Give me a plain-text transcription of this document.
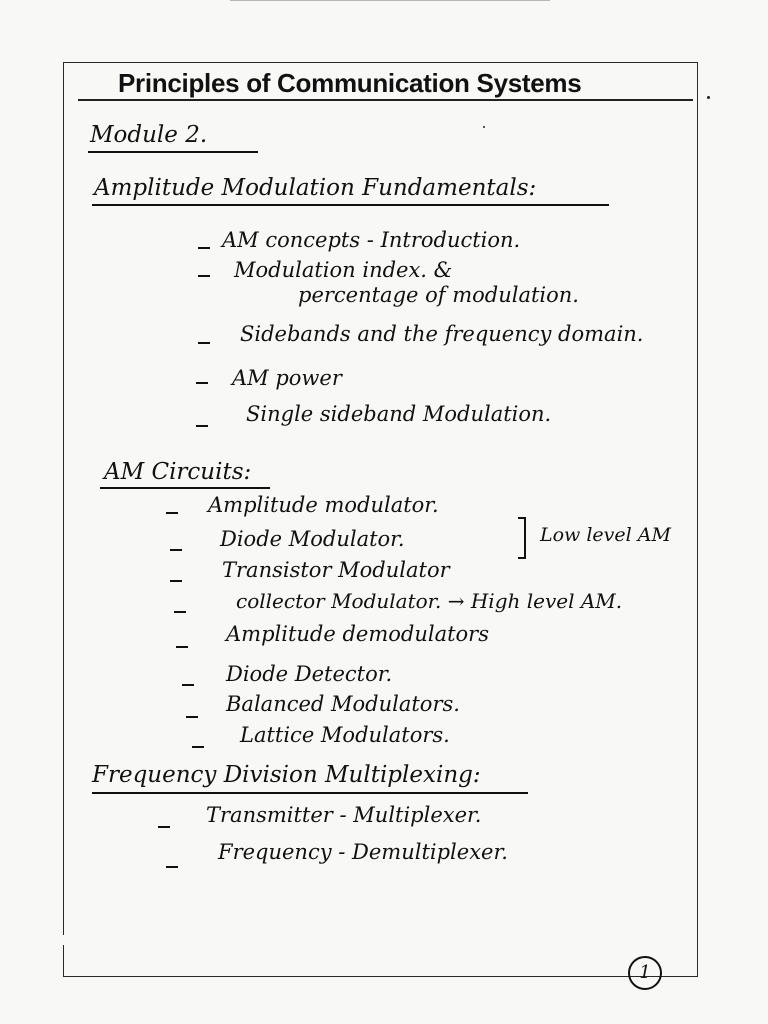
Principles of Communication Systems
Module 2.
Amplitude Modulation Fundamentals:
AM concepts - Introduction.
Modulation index. &
percentage of modulation.
Sidebands and the frequency domain.
AM power
Single sideband Modulation.
AM Circuits:
Amplitude modulator.
Diode Modulator.
Transistor Modulator
Low level AM
collector Modulator. → High level AM.
Amplitude demodulators
Diode Detector.
Balanced Modulators.
Lattice Modulators.
Frequency Division Multiplexing:
Transmitter - Multiplexer.
Frequency - Demultiplexer.
1
